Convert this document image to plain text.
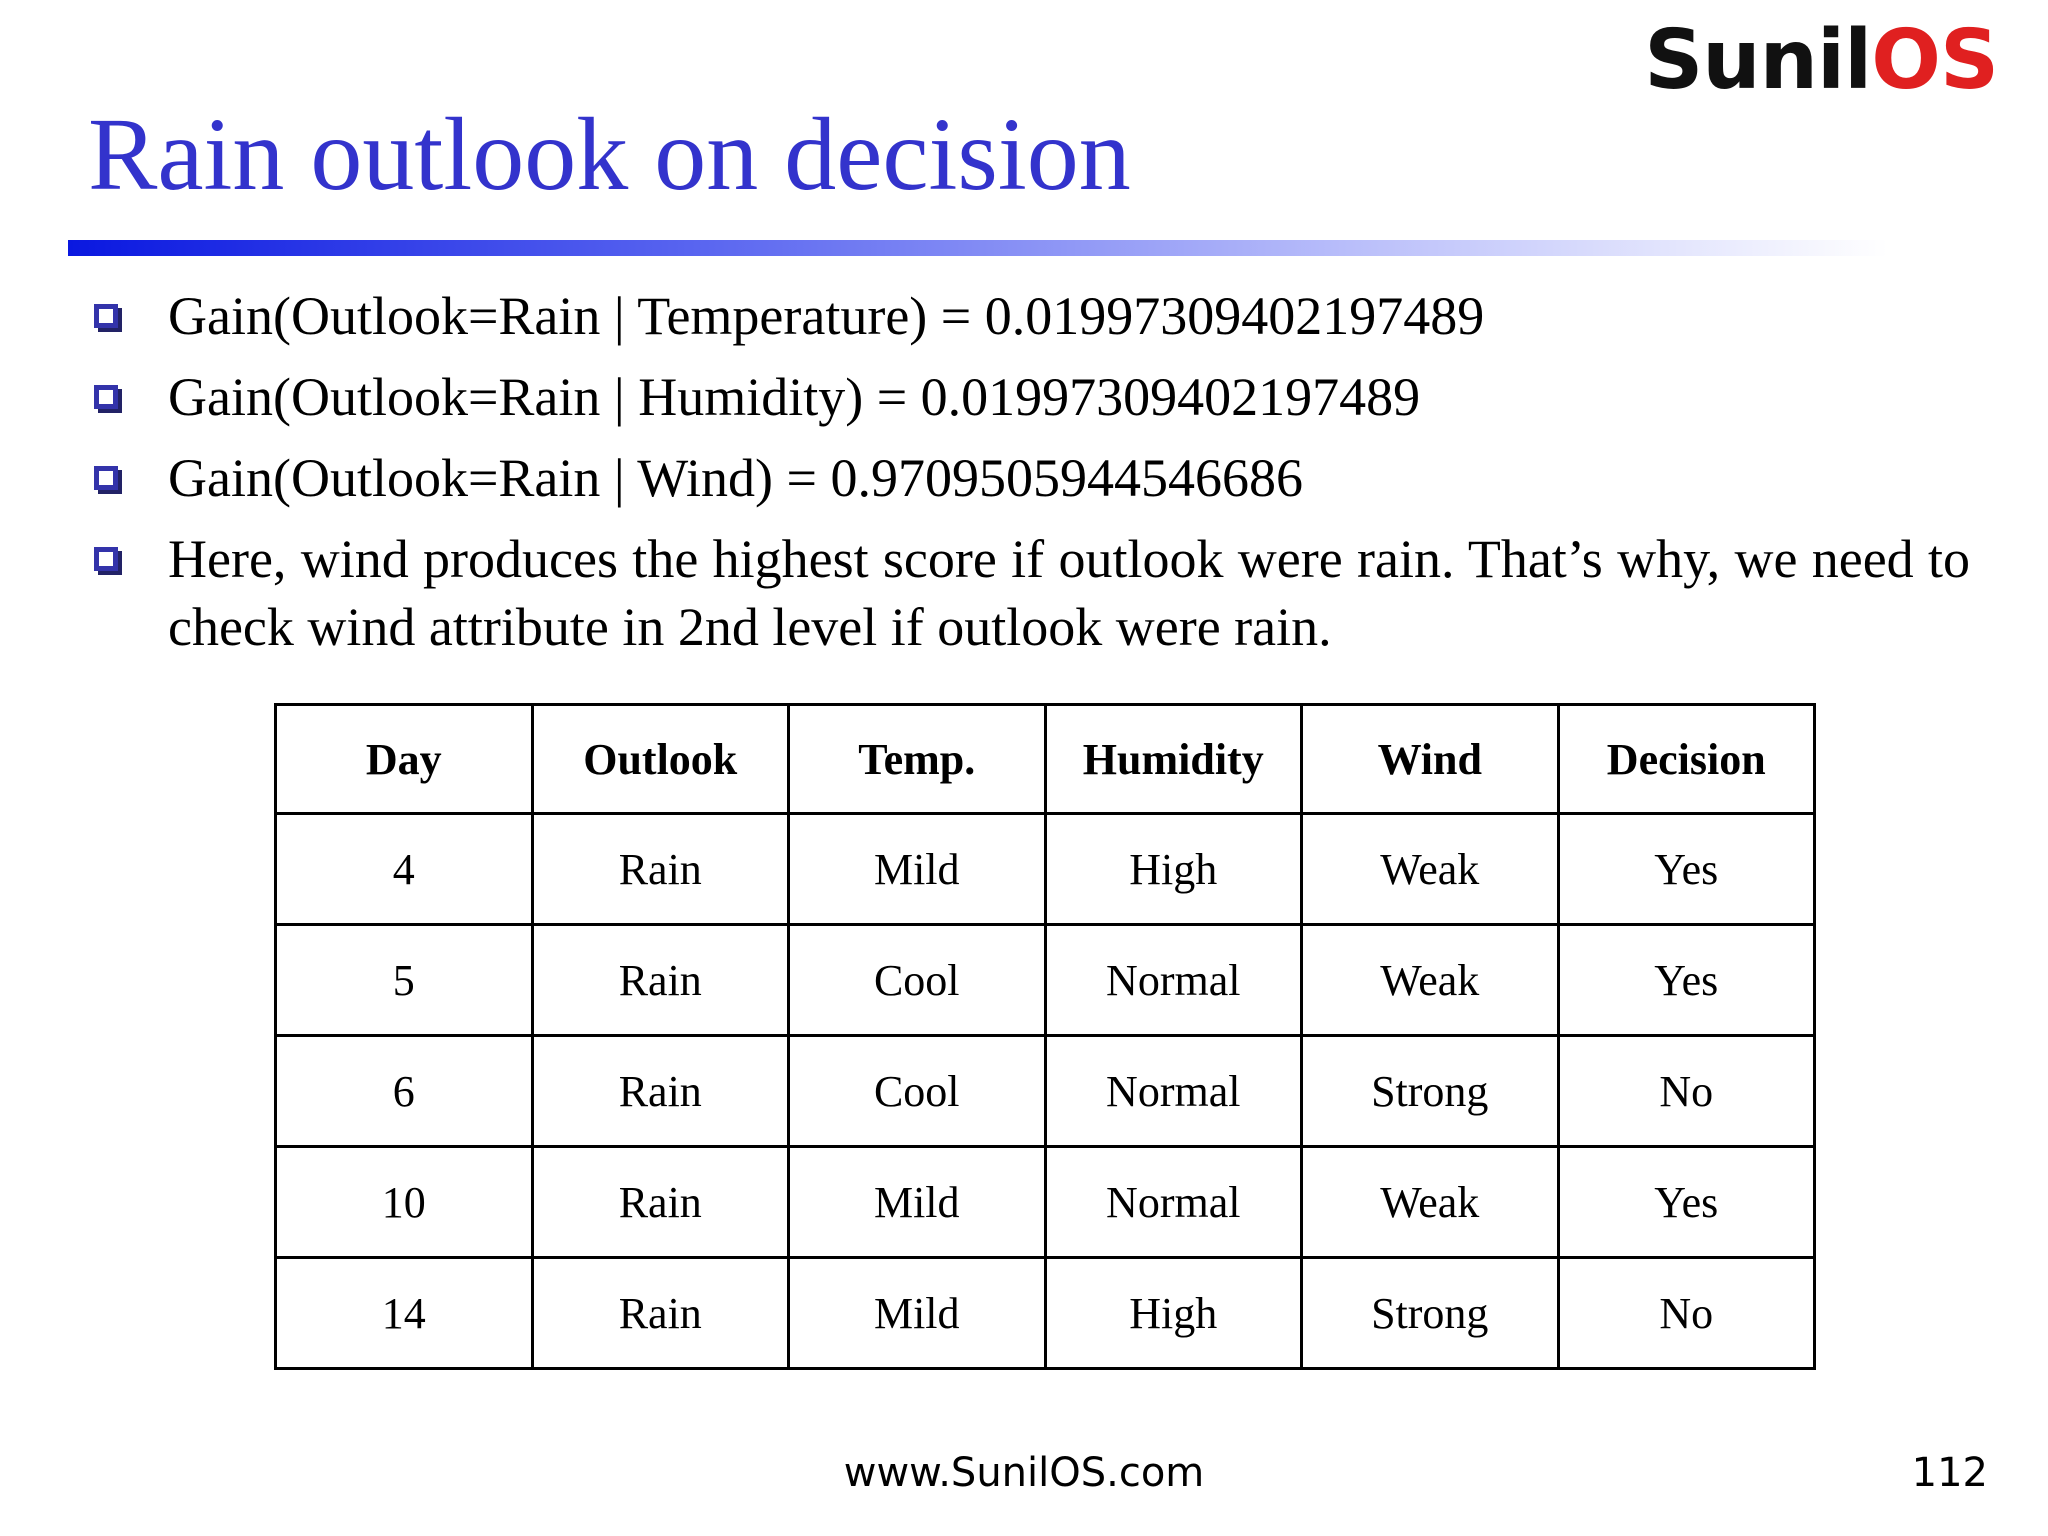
SunilOS
Rain outlook on decision
Gain(Outlook=Rain | Temperature) = 0.01997309402197489
Gain(Outlook=Rain | Humidity) = 0.01997309402197489
Gain(Outlook=Rain | Wind) = 0.9709505944546686
Here, wind produces the highest score if outlook were rain. That’s why, we need to check wind attribute in 2nd level if outlook were rain.
Day	Outlook	Temp.	Humidity	Wind	Decision
4	Rain	Mild	High	Weak	Yes
5	Rain	Cool	Normal	Weak	Yes
6	Rain	Cool	Normal	Strong	No
10	Rain	Mild	Normal	Weak	Yes
14	Rain	Mild	High	Strong	No
www.SunilOS.com	112
